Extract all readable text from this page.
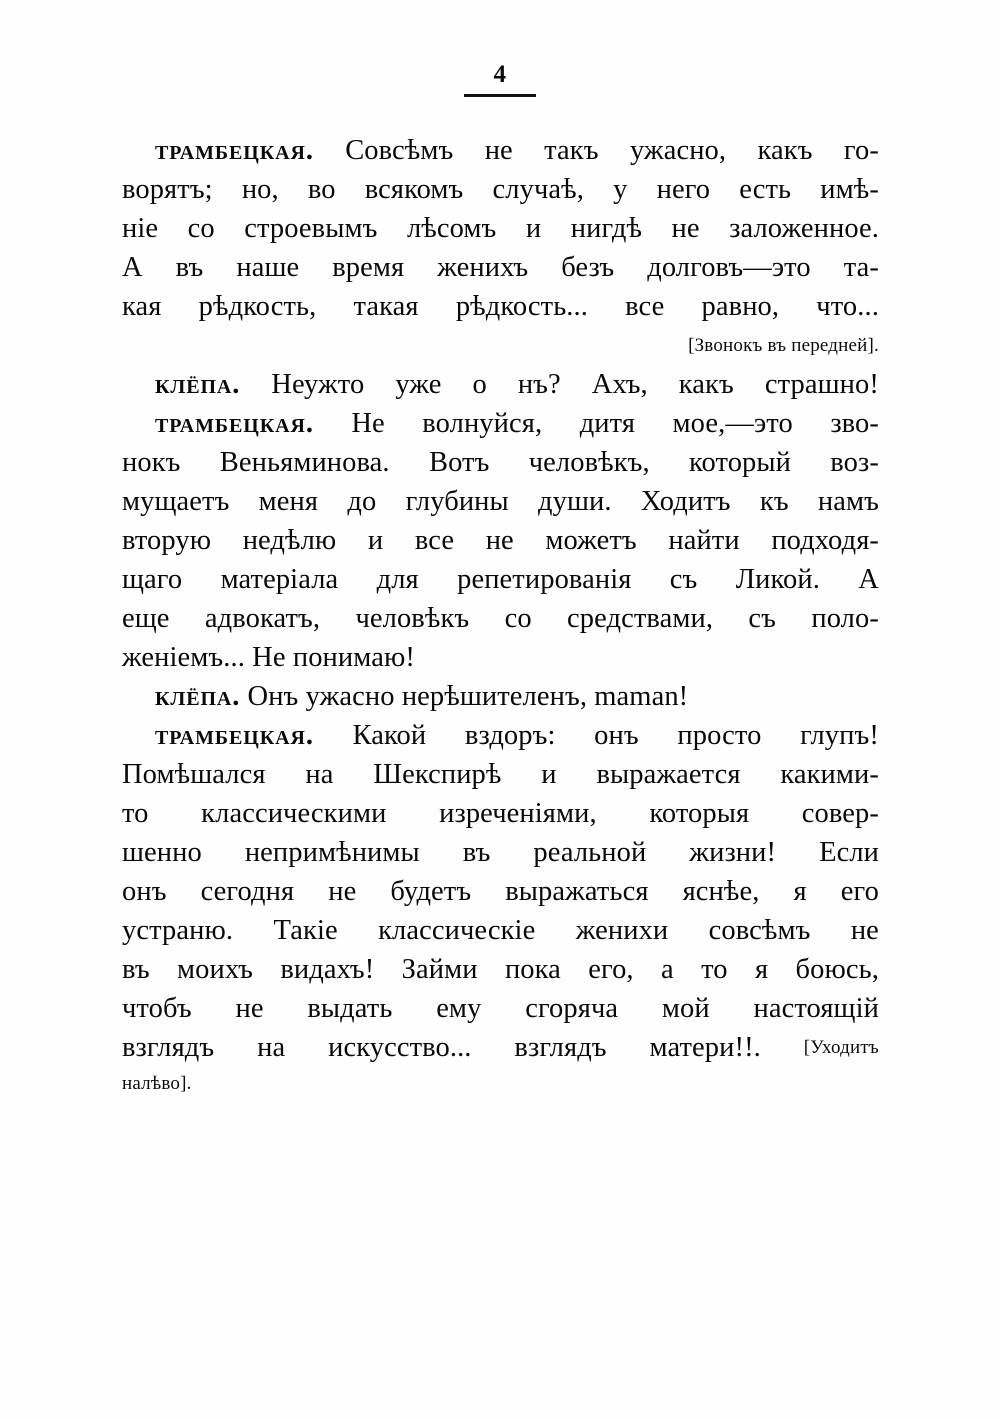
4
трамбецкая. Совсѣмъ не такъ ужасно, какъ го-
ворятъ; но, во всякомъ случаѣ, у него есть имѣ-
ніе со строевымъ лѣсомъ и нигдѣ не заложенное.
А въ наше время женихъ безъ долговъ—это та-
кая рѣдкость, такая рѣдкость... все равно, что...
[Звонокъ въ передней].
клёпа. Неужто уже о нъ? Ахъ, какъ страшно!
трамбецкая. Не волнуйся, дитя мое,—это зво-
нокъ Веньяминова. Вотъ человѣкъ, который воз-
мущаетъ меня до глубины души. Ходитъ къ намъ
вторую недѣлю и все не можетъ найти подходя-
щаго матеріала для репетированія съ Ликой. А
еще адвокатъ, человѣкъ со средствами, съ поло-
женіемъ... Не понимаю!
клёпа. Онъ ужасно нерѣшителенъ, maman!
трамбецкая. Какой вздоръ: онъ просто глупъ!
Помѣшался на Шекспирѣ и выражается какими-
то классическими изреченіями, которыя совер-
шенно непримѣнимы въ реальной жизни! Если
онъ сегодня не будетъ выражаться яснѣе, я его
устраню. Такіе классическіе женихи совсѣмъ не
въ моихъ видахъ! Займи пока его, а то я боюсь,
чтобъ не выдать ему сгоряча мой настоящій
взглядъ на искусство... взглядъ матери!!. [Уходитъ
налѣво].
